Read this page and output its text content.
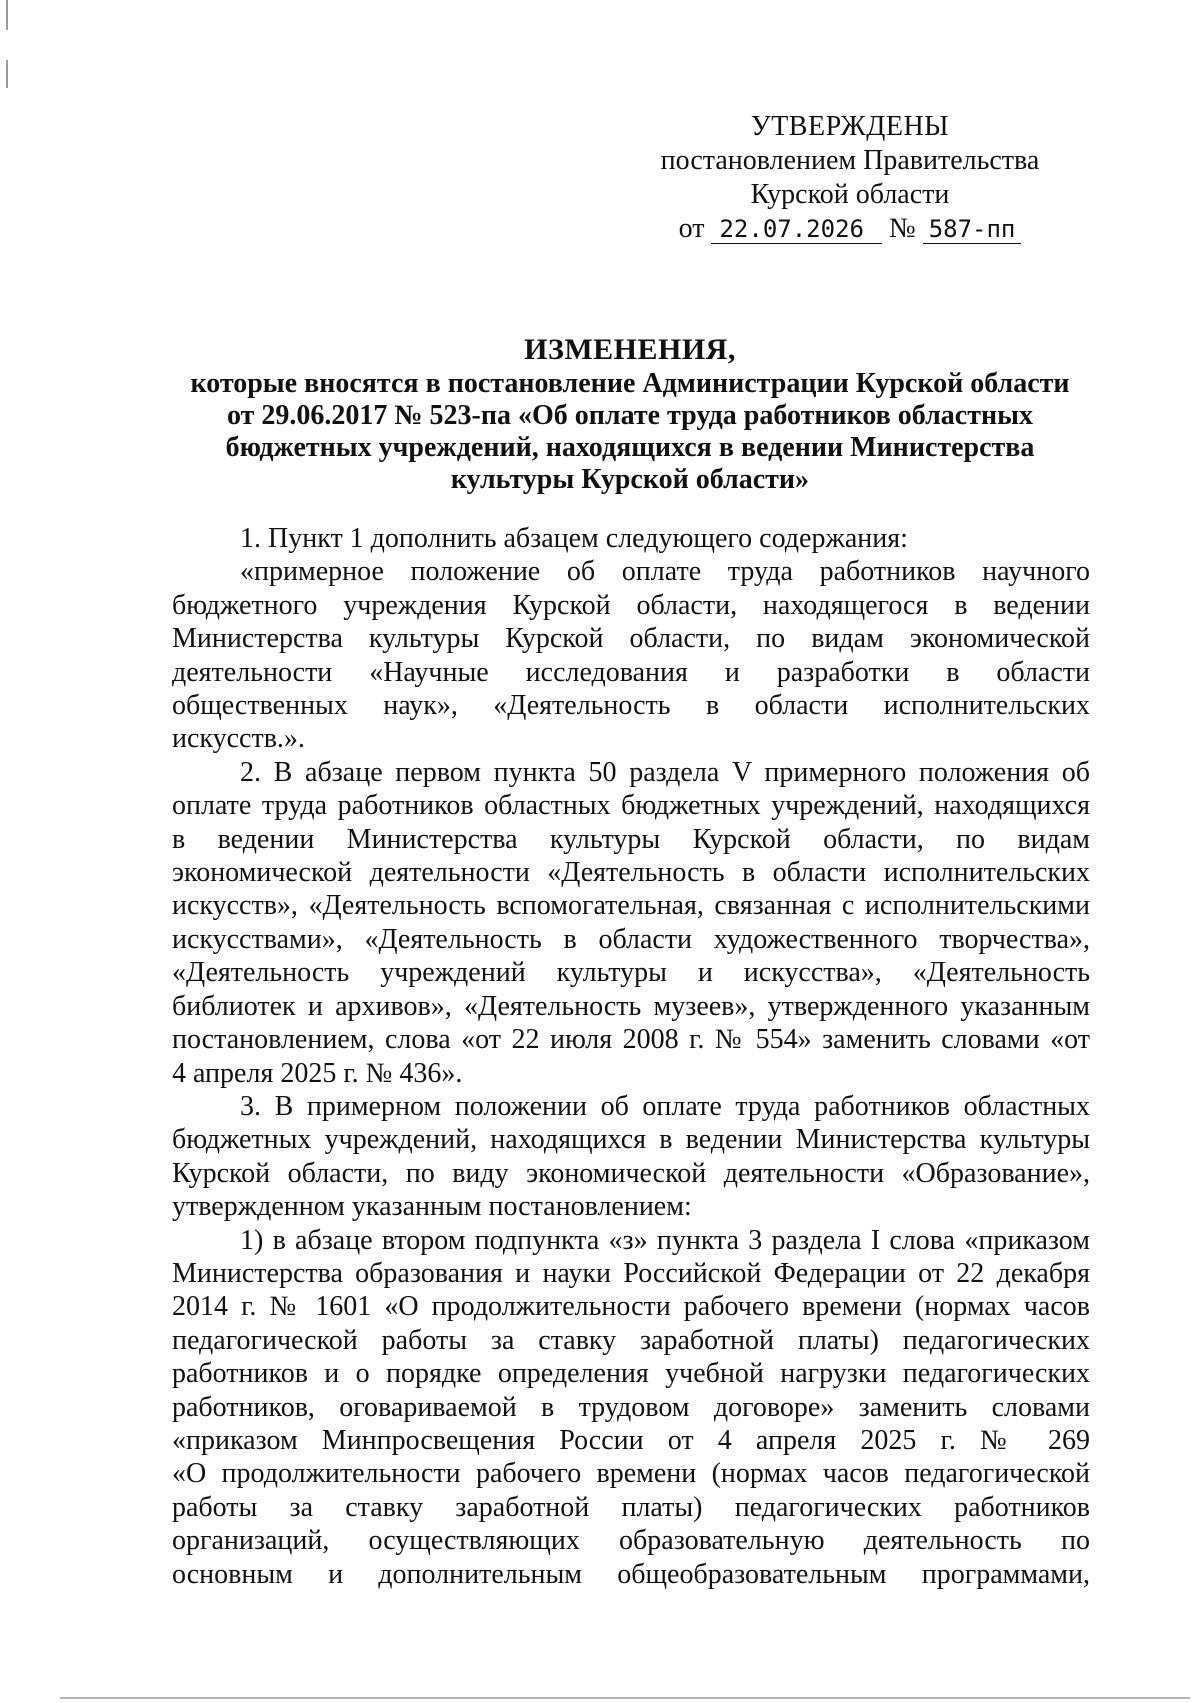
УТВЕРЖДЕНЫ
постановлением Правительства
Курской области
от 22.07.2026 № 587-пп
ИЗМЕНЕНИЯ,
которые вносятся в постановление Администрации Курской области
от 29.06.2017 № 523-па «Об оплате труда работников областных
бюджетных учреждений, находящихся в ведении Министерства
культуры Курской области»

1. Пункт 1 дополнить абзацем следующего содержания:

«примерное положение об оплате труда работников научного
бюджетного учреждения Курской области, находящегося в ведении
Министерства культуры Курской области, по видам экономической
деятельности «Научные исследования и разработки в области
общественных наук», «Деятельность в области исполнительских
искусств.».

2. В абзаце первом пункта 50 раздела V примерного положения об
оплате труда работников областных бюджетных учреждений, находящихся
в ведении Министерства культуры Курской области, по видам
экономической деятельности «Деятельность в области исполнительских
искусств», «Деятельность вспомогательная, связанная с исполнительскими
искусствами», «Деятельность в области художественного творчества»,
«Деятельность учреждений культуры и искусства», «Деятельность
библиотек и архивов», «Деятельность музеев», утвержденного указанным
постановлением, слова «от 22 июля 2008 г. № 554» заменить словами «от
4 апреля 2025 г. № 436».

3. В примерном положении об оплате труда работников областных
бюджетных учреждений, находящихся в ведении Министерства культуры
Курской области, по виду экономической деятельности «Образование»,
утвержденном указанным постановлением:

1) в абзаце втором подпункта «з» пункта 3 раздела I слова «приказом
Министерства образования и науки Российской Федерации от 22 декабря
2014 г. № 1601 «О продолжительности рабочего времени (нормах часов
педагогической работы за ставку заработной платы) педагогических
работников и о порядке определения учебной нагрузки педагогических
работников, оговариваемой в трудовом договоре» заменить словами
«приказом Минпросвещения России от 4 апреля 2025 г. № 269
«О продолжительности рабочего времени (нормах часов педагогической
работы за ставку заработной платы) педагогических работников
организаций, осуществляющих образовательную деятельность по
основным и дополнительным общеобразовательным программами,
